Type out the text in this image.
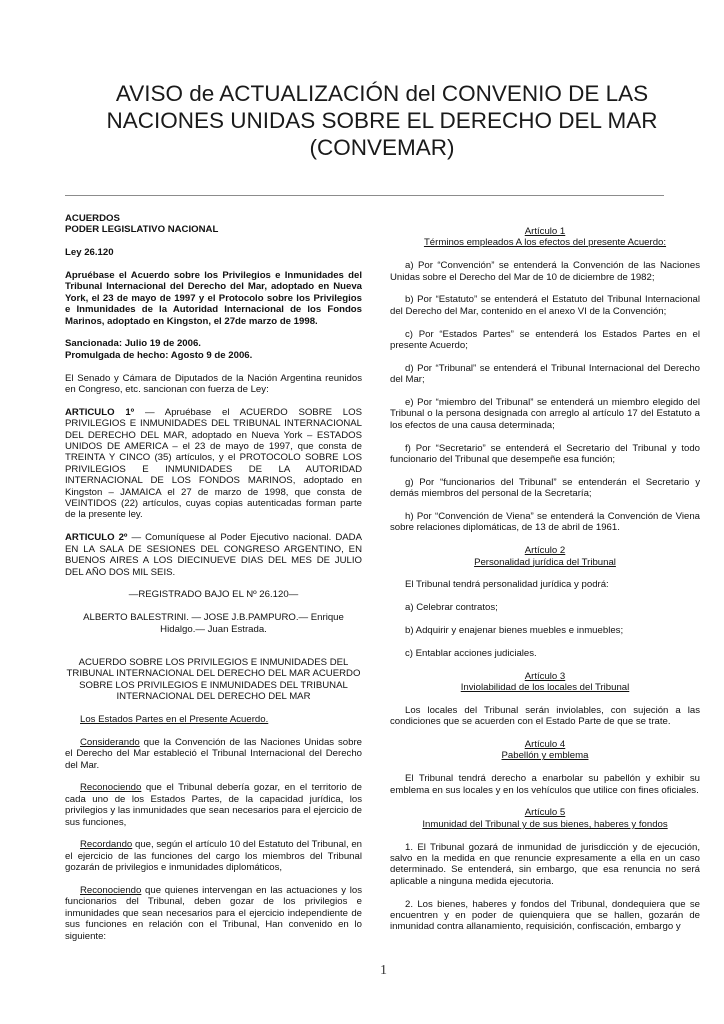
AVISO de ACTUALIZACIÓN del CONVENIO DE LAS NACIONES UNIDAS SOBRE EL DERECHO DEL MAR (CONVEMAR)
ACUERDOS

PODER LEGISLATIVO NACIONAL

Ley 26.120

Apruébase el Acuerdo sobre los Privilegios e Inmunidades del Tribunal Internacional del Derecho del Mar, adoptado en Nueva York, el 23 de mayo de 1997 y el Protocolo sobre los Privilegios e Inmunidades de la Autoridad Internacional de los Fondos Marinos, adoptado en Kingston, el 27de marzo de 1998.

Sancionada: Julio 19 de 2006.

Promulgada de hecho: Agosto 9 de 2006.

El Senado y Cámara de Diputados de la Nación Argentina reunidos en Congreso, etc. sancionan con fuerza de Ley:

ARTICULO 1º — Apruébase el ACUERDO SOBRE LOS PRIVILEGIOS E INMUNIDADES DEL TRIBUNAL INTERNACIONAL DEL DERECHO DEL MAR, adoptado en Nueva York – ESTADOS UNIDOS DE AMERICA – el 23 de mayo de 1997, que consta de TREINTA Y CINCO (35) artículos, y el PROTOCOLO SOBRE LOS PRIVILEGIOS E INMUNIDADES DE LA AUTORIDAD INTERNACIONAL DE LOS FONDOS MARINOS, adoptado en Kingston – JAMAICA el 27 de marzo de 1998, que consta de VEINTIDOS (22) artículos, cuyas copias autenticadas forman parte de la presente ley.

ARTICULO 2º — Comuníquese al Poder Ejecutivo nacional. DADA EN LA SALA DE SESIONES DEL CONGRESO ARGENTINO, EN BUENOS AIRES A LOS DIECINUEVE DIAS DEL MES DE JULIO DEL AÑO DOS MIL SEIS.

—REGISTRADO BAJO EL Nº 26.120—

ALBERTO BALESTRINI. — JOSE J.B.PAMPURO.— Enrique Hidalgo.— Juan Estrada.

ACUERDO SOBRE LOS PRIVILEGIOS E INMUNIDADES DEL TRIBUNAL INTERNACIONAL DEL DERECHO DEL MAR ACUERDO SOBRE LOS PRIVILEGIOS E INMUNIDADES DEL TRIBUNAL INTERNACIONAL DEL DERECHO DEL MAR

Los Estados Partes en el Presente Acuerdo.

Considerando que la Convención de las Naciones Unidas sobre el Derecho del Mar estableció el Tribunal Internacional del Derecho del Mar.

Reconociendo que el Tribunal debería gozar, en el territorio de cada uno de los Estados Partes, de la capacidad jurídica, los privilegios y las inmunidades que sean necesarios para el ejercicio de sus funciones,

Recordando que, según el artículo 10 del Estatuto del Tribunal, en el ejercicio de las funciones del cargo los miembros del Tribunal gozarán de privilegios e inmunidades diplomáticos,

Reconociendo que quienes intervengan en las actuaciones y los funcionarios del Tribunal, deben gozar de los privilegios e inmunidades que sean necesarios para el ejercicio independiente de sus funciones en relación con el Tribunal, Han convenido en lo siguiente:

Artículo 1
Términos empleados A los efectos del presente Acuerdo:

a) Por “Convención” se entenderá la Convención de las Naciones Unidas sobre el Derecho del Mar de 10 de diciembre de 1982;

b) Por “Estatuto” se entenderá el Estatuto del Tribunal Internacional del Derecho del Mar, contenido en el anexo VI de la Convención;

c) Por “Estados Partes” se entenderá los Estados Partes en el presente Acuerdo;

d) Por “Tribunal” se entenderá el Tribunal Internacional del Derecho del Mar;

e) Por “miembro del Tribunal” se entenderá un miembro elegido del Tribunal o la persona designada con arreglo al artículo 17 del Estatuto a los efectos de una causa determinada;

f) Por “Secretario” se entenderá el Secretario del Tribunal y todo funcionario del Tribunal que desempeñe esa función;

g) Por “funcionarios del Tribunal” se entenderán el Secretario y demás miembros del personal de la Secretaría;

h) Por “Convención de Viena” se entenderá la Convención de Viena sobre relaciones diplomáticas, de 13 de abril de 1961.

Artículo 2
Personalidad jurídica del Tribunal

El Tribunal tendrá personalidad jurídica y podrá:

a) Celebrar contratos;

b) Adquirir y enajenar bienes muebles e inmuebles;

c) Entablar acciones judiciales.

Artículo 3
Inviolabilidad de los locales del Tribunal

Los locales del Tribunal serán inviolables, con sujeción a las condiciones que se acuerden con el Estado Parte de que se trate.

Artículo 4
Pabellón y emblema

El Tribunal tendrá derecho a enarbolar su pabellón y exhibir su emblema en sus locales y en los vehículos que utilice con fines oficiales.

Artículo 5
Inmunidad del Tribunal y de sus bienes, haberes y fondos

1. El Tribunal gozará de inmunidad de jurisdicción y de ejecución, salvo en la medida en que renuncie expresamente a ella en un caso determinado. Se entenderá, sin embargo, que esa renuncia no será aplicable a ninguna medida ejecutoria.

2. Los bienes, haberes y fondos del Tribunal, dondequiera que se encuentren y en poder de quienquiera que se hallen, gozarán de inmunidad contra allanamiento, requisición, confiscación, embargo y

1
